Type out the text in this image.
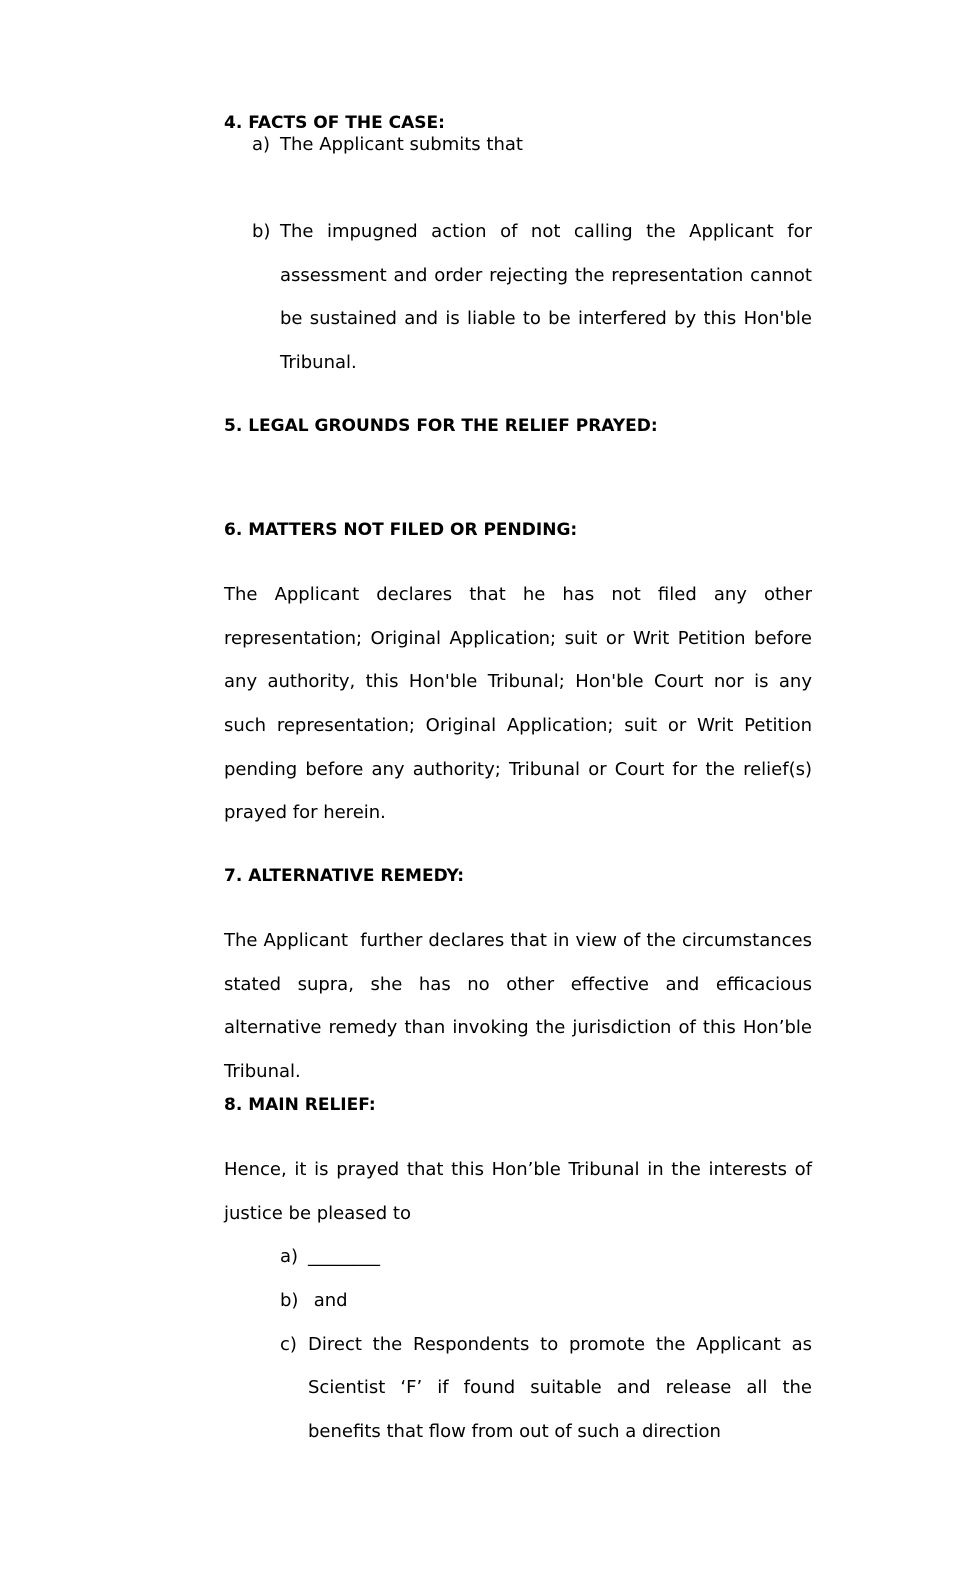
4. FACTS OF THE CASE:
a) The Applicant submits that
b) The impugned action of not calling the Applicant for assessment and order rejecting the representation cannot be sustained and is liable to be interfered by this Hon'ble Tribunal.
5. LEGAL GROUNDS FOR THE RELIEF PRAYED:
6. MATTERS NOT FILED OR PENDING:

The Applicant declares that he has not filed any other representation; Original Application; suit or Writ Petition before any authority, this Hon'ble Tribunal; Hon'ble Court nor is any such representation; Original Application; suit or Writ Petition pending before any authority; Tribunal or Court for the relief(s) prayed for herein.

7. ALTERNATIVE REMEDY:

The Applicant  further declares that in view of the circumstances stated supra, she has no other effective and efficacious alternative remedy than invoking the jurisdiction of this Hon’ble Tribunal.

8. MAIN RELIEF:

Hence, it is prayed that this Hon’ble Tribunal in the interests of justice be pleased to

a) ________
b) and
c) Direct the Respondents to promote the Applicant as Scientist ‘F’ if found suitable and release all the benefits that flow from out of such a direction
